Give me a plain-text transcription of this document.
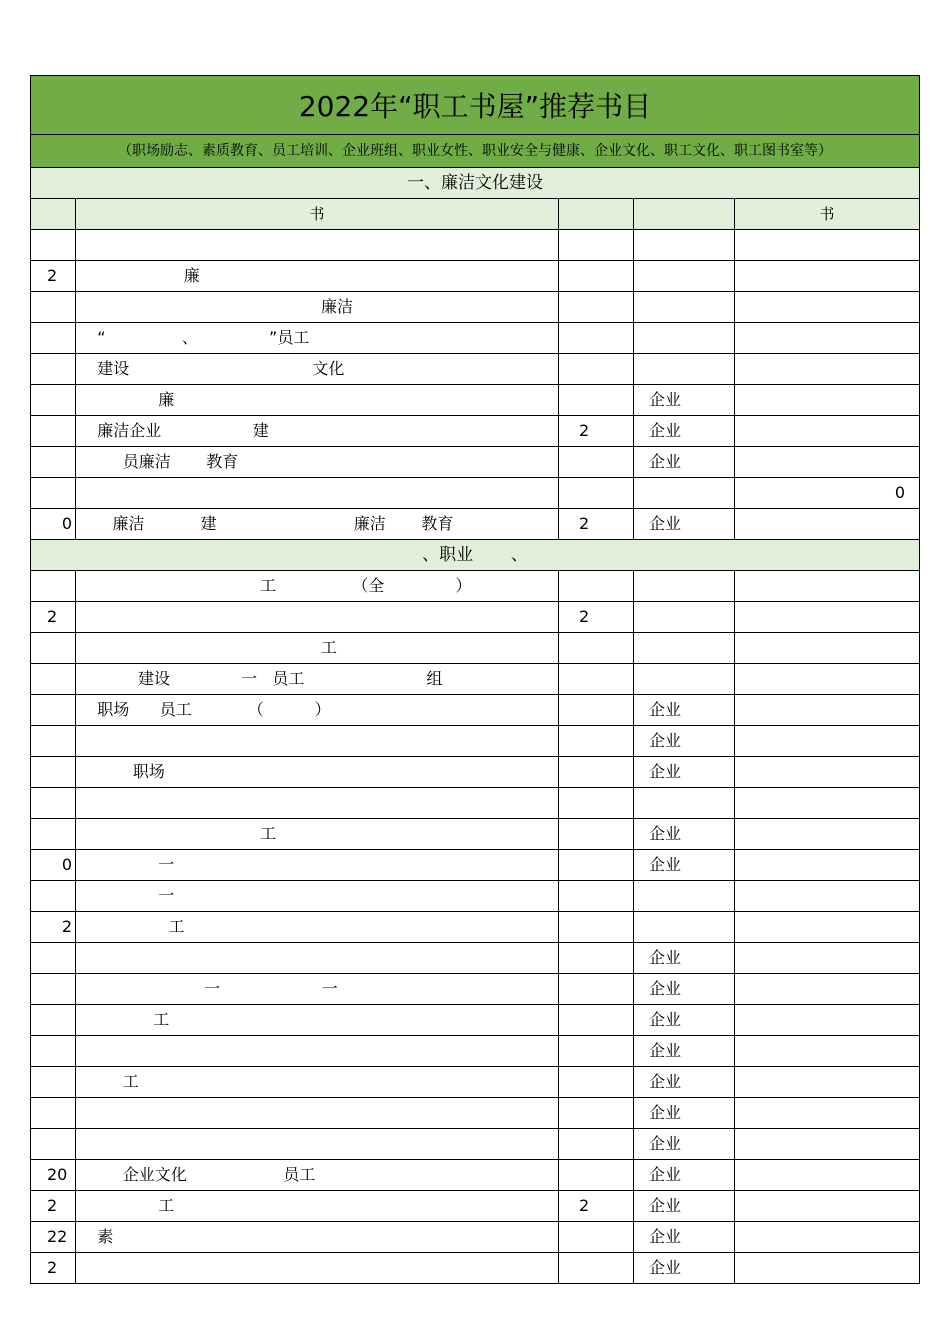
2022年“职工书屋”推荐书目				
（职场励志、素质教育、员工培训、企业班组、职业女性、职业安全与健康、企业文化、职工文化、职工图书室等）				
一、廉洁文化建设				
	书			书

2	廉			
	廉洁			
	“               、              ”员工			
	建设                                    文化			
	廉		企业	
	廉洁企业                  建	2	企业	
	员廉洁       教育		企业	
				0
0	廉洁           建                           廉洁       教育	2	企业	
、职业       、				
	工               （全              ）			
2		2		
	工			
	建设              一   员工                        组			
	职场      员工           （          ）		企业	
			企业	
	职场		企业	

	工		企业	
0	一		企业	
	一			
2	工			
			企业	
	一                    一		企业	
	工		企业	
			企业	
	工		企业	
			企业	
			企业	
20	企业文化                   员工		企业	
2	工	2	企业	
22	素		企业	
2			企业	
